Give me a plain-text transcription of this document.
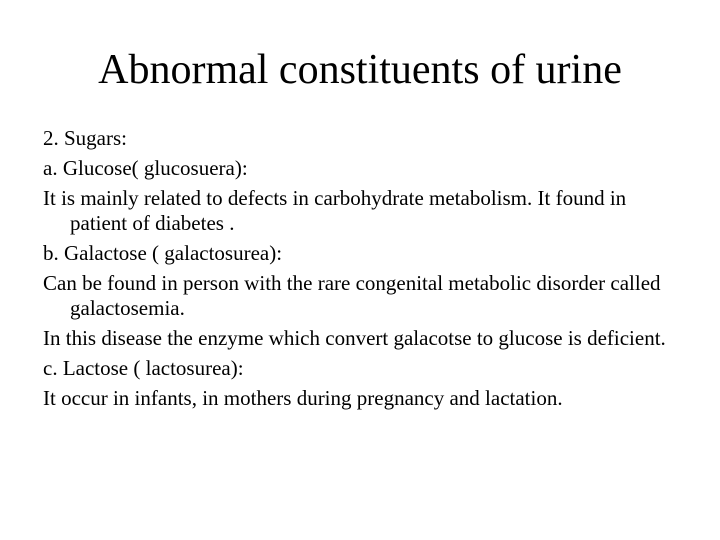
Abnormal constituents of urine
2. Sugars:
a. Glucose( glucosuera):
It is mainly related to defects in carbohydrate metabolism. It found in patient of diabetes .
b. Galactose ( galactosurea):
Can be found in person with the rare congenital metabolic disorder called galactosemia.
In this disease the enzyme which convert galacotse to glucose is deficient.
c. Lactose ( lactosurea):
It occur in infants, in mothers during pregnancy and lactation.
